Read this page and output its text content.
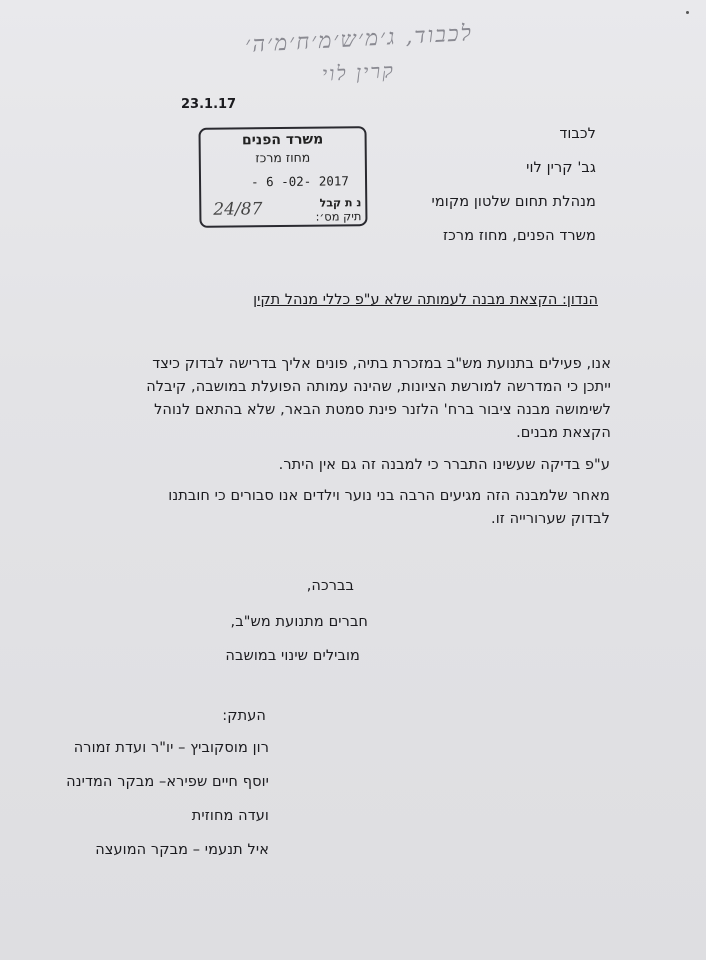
לכבוד, ג׳מ׳ש׳מ׳ח׳מ׳ה׳
קרין לוי
23.1.17
משרד הפנים
מחוז מרכז
- 6 -02- 2017
נ ת קבל
תיק מס׳:
24/87
לכבוד
גב' קרין לוי
מנהלת תחום שלטון מקומי
משרד הפנים, מחוז מרכז
הנדון: הקצאת מבנה לעמותה שלא ע"פ כללי מנהל תקין
אנו, פעילים בתנועת מש"ב במזכרת בתיה, פונים אליך בדרישה לבדוק כיצד
ייתכן כי המדרשה למורשת הציונות, שהינה עמותה הפועלת במושבה, קיבלה
לשימושה מבנה ציבור ברח' הלזנר פינת סמטת הבאר, שלא בהתאם לנוהל
הקצאת מבנים.
ע"פ בדיקה שעשינו התברר כי למבנה זה גם אין היתר.
מאחר שלמבנה הזה מגיעים הרבה בני נוער וילדים אנו סבורים כי חובתנו
לבדוק שערורייה זו.
בברכה,
חברים מתנועת מש"ב,
מובילים שינוי במושבה
העתק:
רון מוסקוביץ – יו"ר ועדת זמורה
יוסף חיים שפירא– מבקר המדינה
ועדה מחוזית
איל תנעמי – מבקר המועצה
